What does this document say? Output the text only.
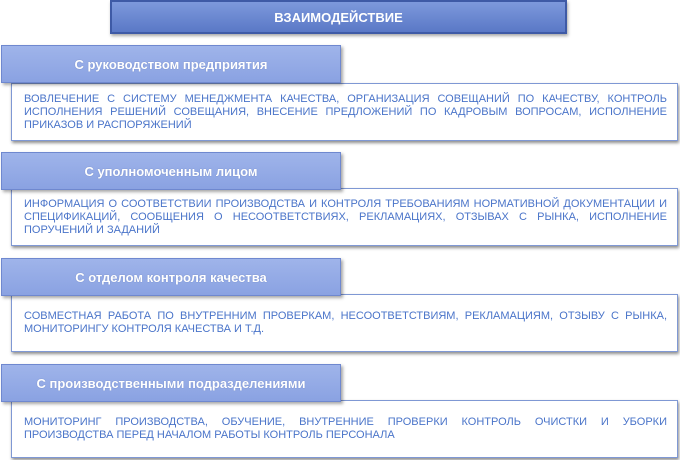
ВЗАИМОДЕЙСТВИЕ
С руководством предприятия
ВОВЛЕЧЕНИЕ С СИСТЕМУ МЕНЕДЖМЕНТА КАЧЕСТВА, ОРГАНИЗАЦИЯ СОВЕЩАНИЙ ПО КАЧЕСТВУ, КОНТРОЛЬ ИСПОЛНЕНИЯ РЕШЕНИЙ СОВЕЩАНИЯ, ВНЕСЕНИЕ ПРЕДЛОЖЕНИЙ ПО КАДРОВЫМ ВОПРОСАМ, ИСПОЛНЕНИЕ ПРИКАЗОВ И РАСПОРЯЖЕНИЙ
С уполномоченным лицом
ИНФОРМАЦИЯ О СООТВЕТСТВИИ ПРОИЗВОДСТВА И КОНТРОЛЯ ТРЕБОВАНИЯМ НОРМАТИВНОЙ ДОКУМЕНТАЦИИ И СПЕЦИФИКАЦИЙ, СООБЩЕНИЯ О НЕСООТВЕТСТВИЯХ, РЕКЛАМАЦИЯХ, ОТЗЫВАХ С РЫНКА, ИСПОЛНЕНИЕ ПОРУЧЕНИЙ И ЗАДАНИЙ
С отделом контроля качества
СОВМЕСТНАЯ РАБОТА ПО ВНУТРЕННИМ ПРОВЕРКАМ, НЕСООТВЕТСТВИЯМ, РЕКЛАМАЦИЯМ, ОТЗЫВУ С РЫНКА, МОНИТОРИНГУ КОНТРОЛЯ КАЧЕСТВА И Т.Д.
С производственными подразделениями
МОНИТОРИНГ ПРОИЗВОДСТВА, ОБУЧЕНИЕ, ВНУТРЕННИЕ ПРОВЕРКИ КОНТРОЛЬ ОЧИСТКИ И УБОРКИ ПРОИЗВОДСТВА ПЕРЕД НАЧАЛОМ РАБОТЫ КОНТРОЛЬ ПЕРСОНАЛА
